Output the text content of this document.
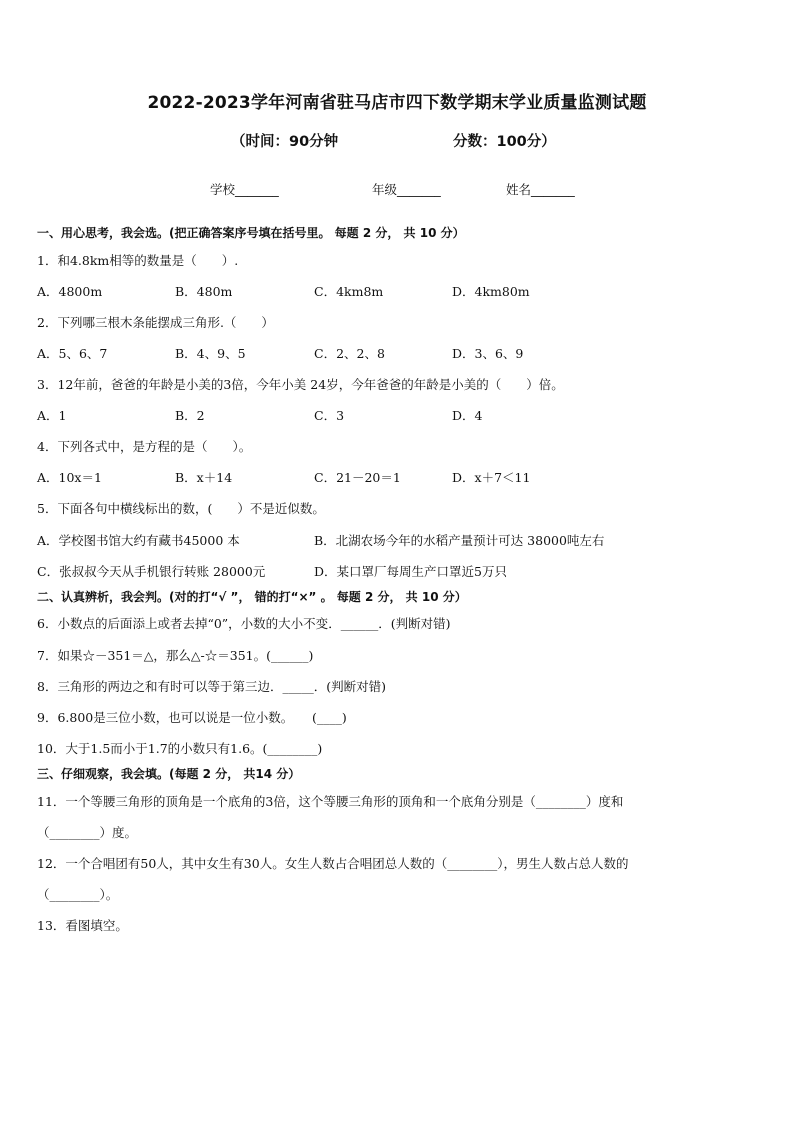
2022-2023学年河南省驻马店市四下数学期末学业质量监测试题
（时间：90分钟	分数：100分）
学校_______	年级_______	姓名_______
一、用心思考，我会选。(把正确答案序号填在括号里。 每题 2 分， 共 10 分）
1．和4.8km相等的数量是（　　）.
A．4800m	B．480m	C．4km8m	D．4km80m
2．下列哪三根木条能摆成三角形.（　　）
A．5、6、7	B．4、9、5	C．2、2、8	D．3、6、9
3．12年前，爸爸的年龄是小美的3倍，今年小美 24岁，今年爸爸的年龄是小美的（　　）倍。
A．1	B．2	C．3	D．4
4．下列各式中，是方程的是（　　）。
A．10x＝1	B．x＋14	C．21－20＝1	D．x＋7＜11
5．下面各句中横线标出的数，(　　）不是近似数。
A．学校图书馆大约有藏书45000 本	B．北湖农场今年的水稻产量预计可达 38000吨左右
C．张叔叔今天从手机银行转账 28000元	D．某口罩厂每周生产口罩近5万只
二、认真辨析，我会判。(对的打“√ ”， 错的打“×” 。 每题 2 分， 共 10 分）
6．小数点的后面添上或者去掉“0”，小数的大小不变．______．(判断对错)
7．如果☆－351＝△，那么△-☆＝351。(______)
8．三角形的两边之和有时可以等于第三边．_____．(判断对错)
9．6.800是三位小数，也可以说是一位小数。　　(____)
10．大于1.5而小于1.7的小数只有1.6。(________)
三、仔细观察，我会填。(每题 2 分， 共14 分）
11．一个等腰三角形的顶角是一个底角的3倍，这个等腰三角形的顶角和一个底角分别是（________）度和
（________）度。
12．一个合唱团有50人，其中女生有30人。女生人数占合唱团总人数的（________），男生人数占总人数的
（________）。
13．看图填空。
